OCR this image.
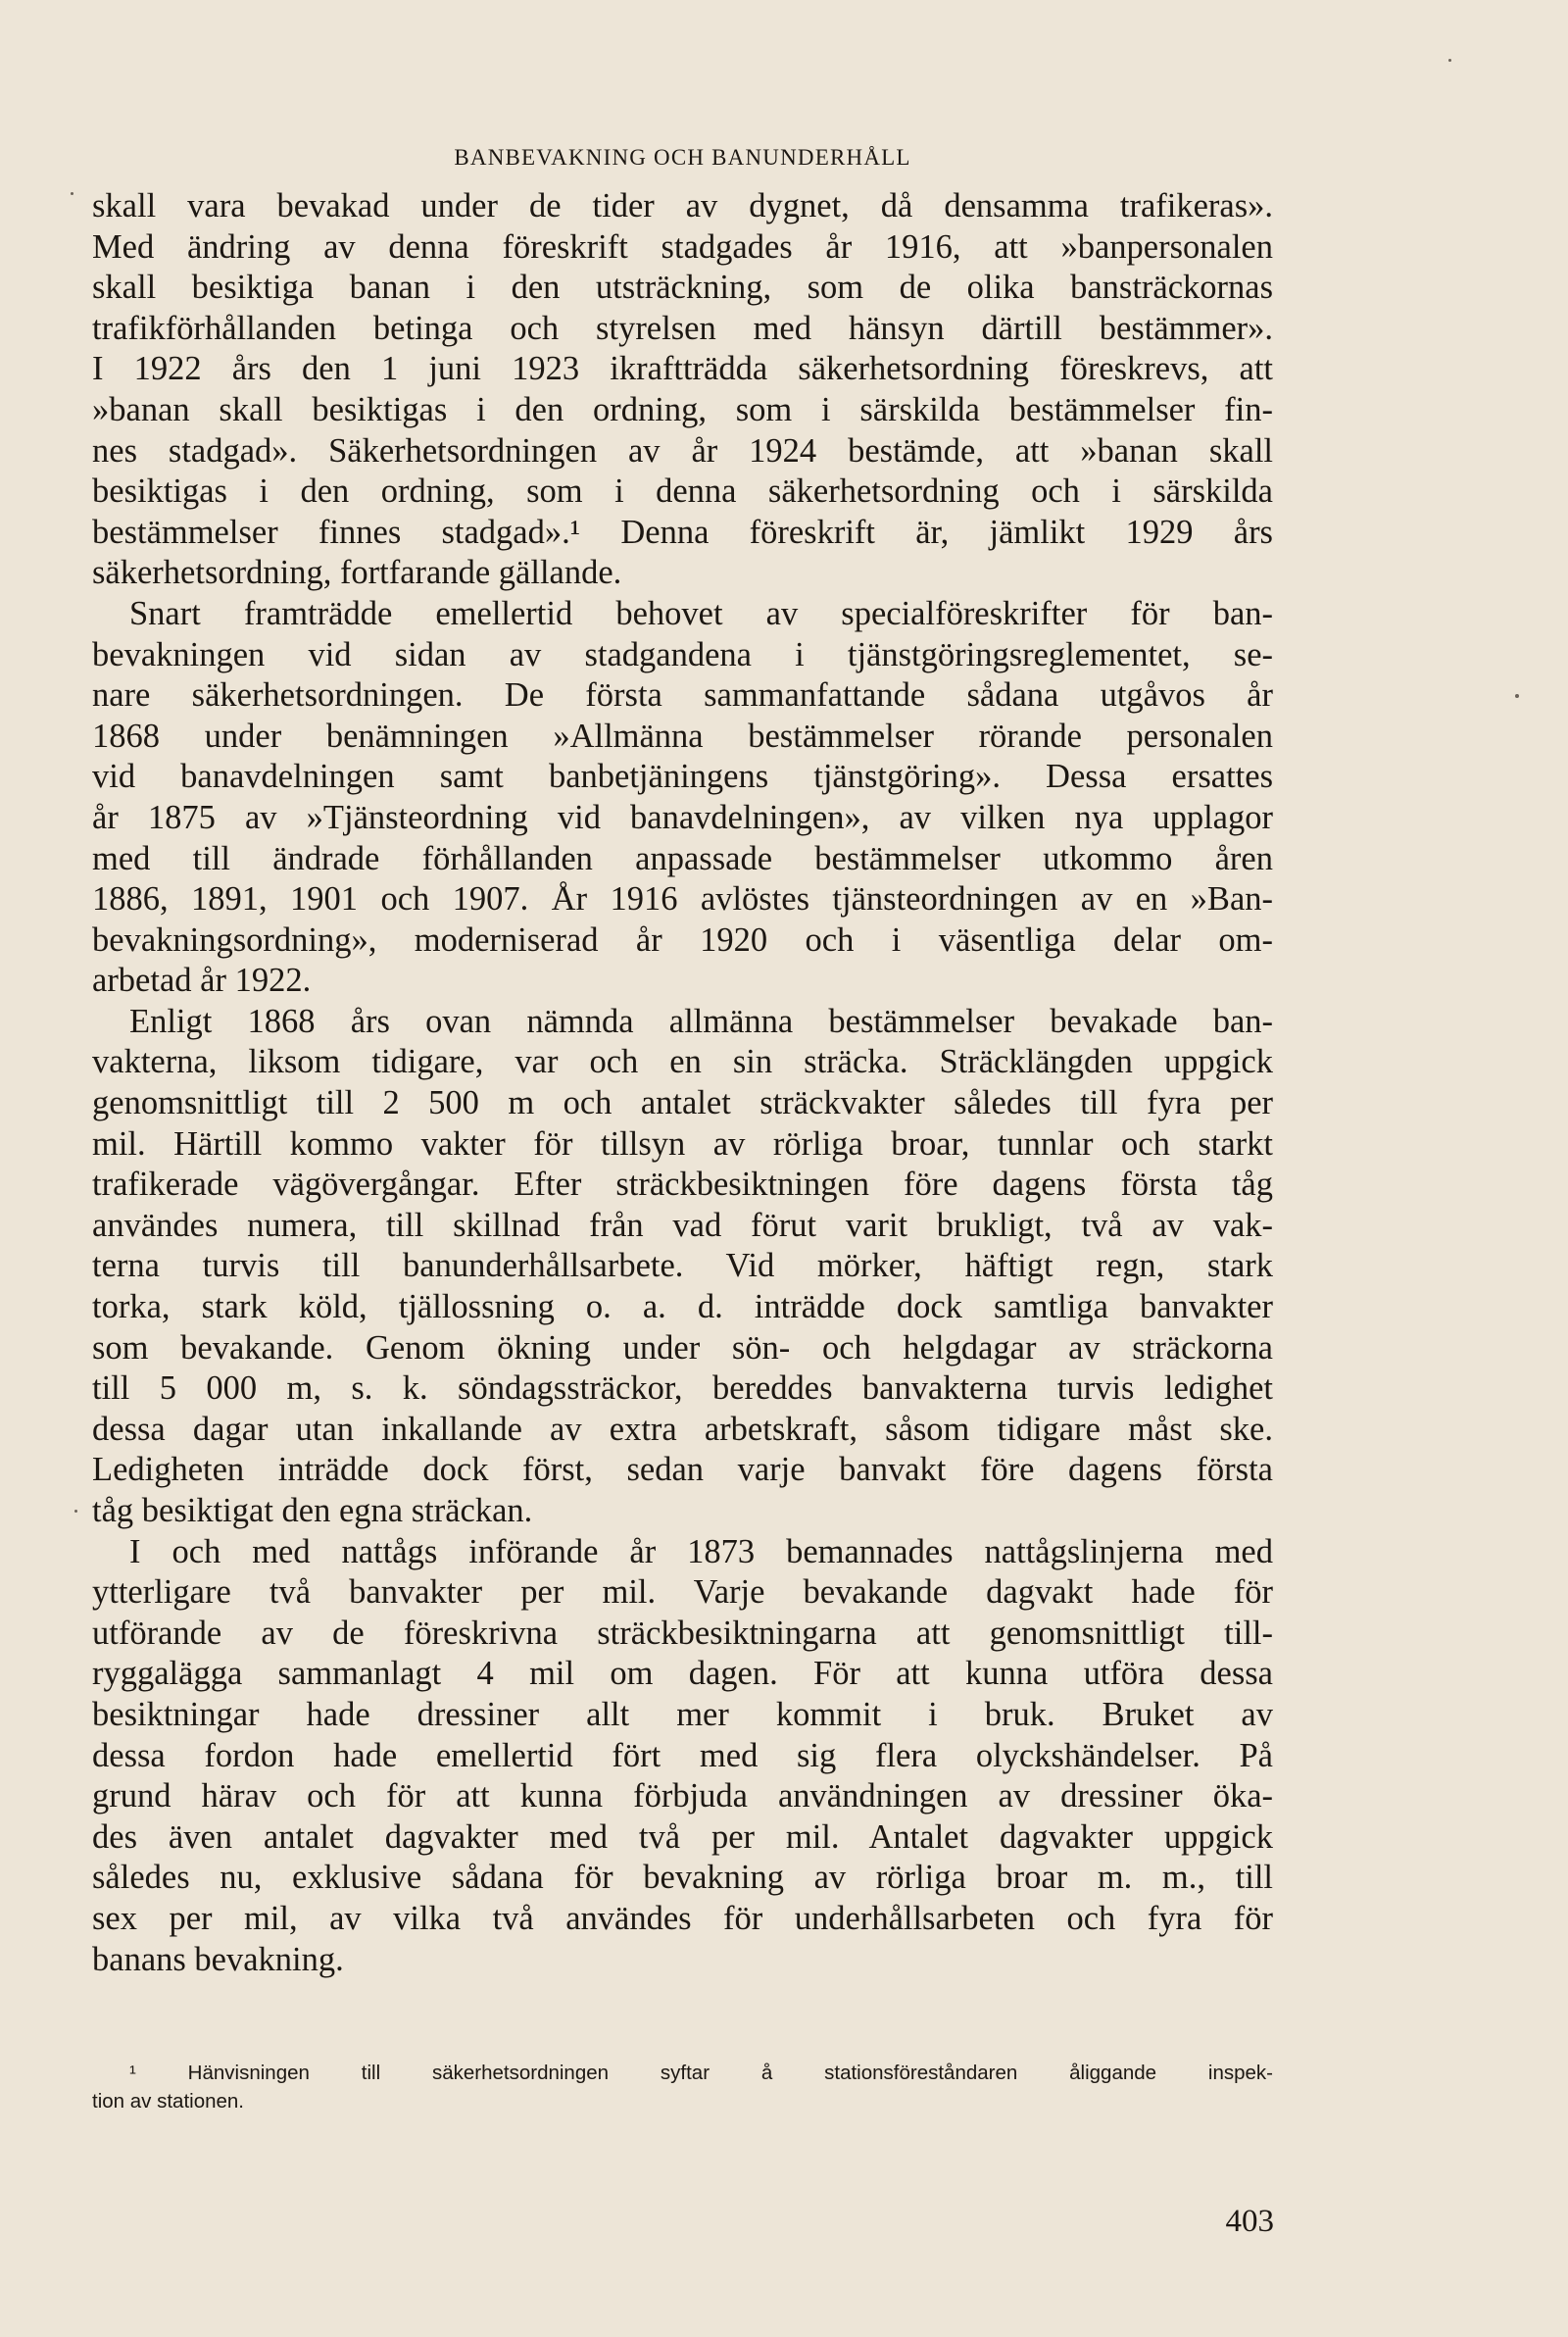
BANBEVAKNING OCH BANUNDERHÅLL
skall vara bevakad under de tider av dygnet, då densamma trafikeras».
Med ändring av denna föreskrift stadgades år 1916, att »banpersonalen
skall besiktiga banan i den utsträckning, som de olika bansträckornas
trafikförhållanden betinga och styrelsen med hänsyn därtill bestämmer».
I 1922 års den 1 juni 1923 ikraftträdda säkerhetsordning föreskrevs, att
»banan skall besiktigas i den ordning, som i särskilda bestämmelser fin-
nes stadgad». Säkerhetsordningen av år 1924 bestämde, att »banan skall
besiktigas i den ordning, som i denna säkerhetsordning och i särskilda
bestämmelser finnes stadgad».¹ Denna föreskrift är, jämlikt 1929 års
säkerhetsordning, fortfarande gällande.
Snart framträdde emellertid behovet av specialföreskrifter för ban-
bevakningen vid sidan av stadgandena i tjänstgöringsreglementet, se-
nare säkerhetsordningen. De första sammanfattande sådana utgåvos år
1868 under benämningen »Allmänna bestämmelser rörande personalen
vid banavdelningen samt banbetjäningens tjänstgöring». Dessa ersattes
år 1875 av »Tjänsteordning vid banavdelningen», av vilken nya upplagor
med till ändrade förhållanden anpassade bestämmelser utkommo åren
1886, 1891, 1901 och 1907. År 1916 avlöstes tjänsteordningen av en »Ban-
bevakningsordning», moderniserad år 1920 och i väsentliga delar om-
arbetad år 1922.
Enligt 1868 års ovan nämnda allmänna bestämmelser bevakade ban-
vakterna, liksom tidigare, var och en sin sträcka. Sträcklängden uppgick
genomsnittligt till 2 500 m och antalet sträckvakter således till fyra per
mil. Härtill kommo vakter för tillsyn av rörliga broar, tunnlar och starkt
trafikerade vägövergångar. Efter sträckbesiktningen före dagens första tåg
användes numera, till skillnad från vad förut varit brukligt, två av vak-
terna turvis till banunderhållsarbete. Vid mörker, häftigt regn, stark
torka, stark köld, tjällossning o. a. d. inträdde dock samtliga banvakter
som bevakande. Genom ökning under sön- och helgdagar av sträckorna
till 5 000 m, s. k. söndagssträckor, bereddes banvakterna turvis ledighet
dessa dagar utan inkallande av extra arbetskraft, såsom tidigare måst ske.
Ledigheten inträdde dock först, sedan varje banvakt före dagens första
tåg besiktigat den egna sträckan.
I och med nattågs införande år 1873 bemannades nattågslinjerna med
ytterligare två banvakter per mil. Varje bevakande dagvakt hade för
utförande av de föreskrivna sträckbesiktningarna att genomsnittligt till-
ryggalägga sammanlagt 4 mil om dagen. För att kunna utföra dessa
besiktningar hade dressiner allt mer kommit i bruk. Bruket av
dessa fordon hade emellertid fört med sig flera olyckshändelser. På
grund härav och för att kunna förbjuda användningen av dressiner öka-
des även antalet dagvakter med två per mil. Antalet dagvakter uppgick
således nu, exklusive sådana för bevakning av rörliga broar m. m., till
sex per mil, av vilka två användes för underhållsarbeten och fyra för
banans bevakning.
¹ Hänvisningen till säkerhetsordningen syftar å stationsföreståndaren åliggande inspek-
tion av stationen.
403
